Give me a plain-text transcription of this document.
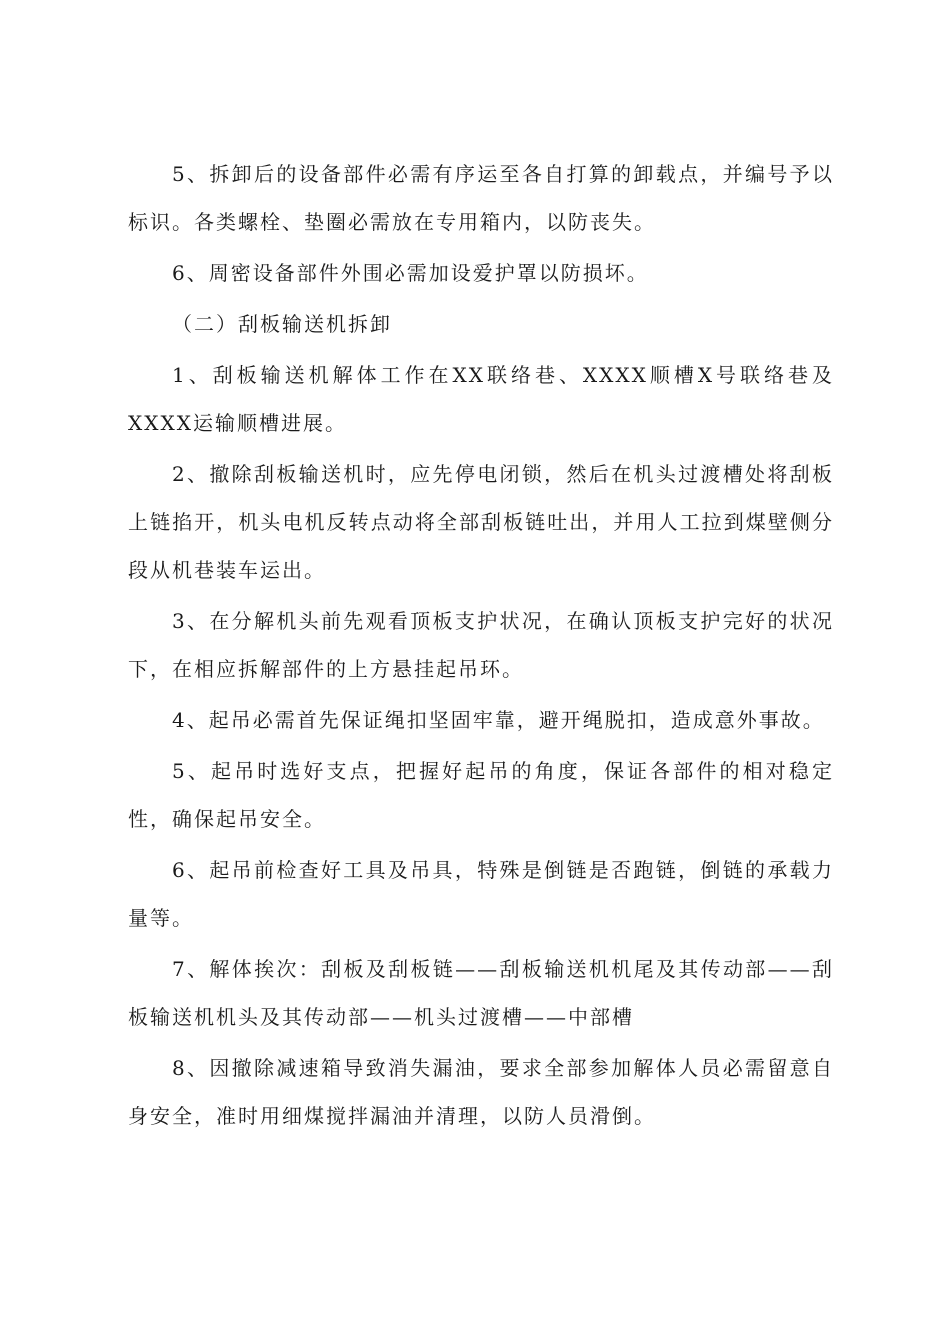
5、拆卸后的设备部件必需有序运至各自打算的卸载点，并编号予以标识。各类螺栓、垫圈必需放在专用箱内，以防丧失。

6、周密设备部件外围必需加设爱护罩以防损坏。

（二）刮板输送机拆卸

1、刮板输送机解体工作在XX联络巷、XXXX顺槽X号联络巷及XXXX运输顺槽进展。

2、撤除刮板输送机时，应先停电闭锁，然后在机头过渡槽处将刮板上链掐开，机头电机反转点动将全部刮板链吐出，并用人工拉到煤壁侧分段从机巷装车运出。

3、在分解机头前先观看顶板支护状况，在确认顶板支护完好的状况下，在相应拆解部件的上方悬挂起吊环。

4、起吊必需首先保证绳扣坚固牢靠，避开绳脱扣，造成意外事故。

5、起吊时选好支点，把握好起吊的角度，保证各部件的相对稳定性，确保起吊安全。

6、起吊前检查好工具及吊具，特殊是倒链是否跑链，倒链的承载力量等。

7、解体挨次：刮板及刮板链——刮板输送机机尾及其传动部——刮板输送机机头及其传动部——机头过渡槽——中部槽

8、因撤除减速箱导致消失漏油，要求全部参加解体人员必需留意自身安全，准时用细煤搅拌漏油并清理，以防人员滑倒。
